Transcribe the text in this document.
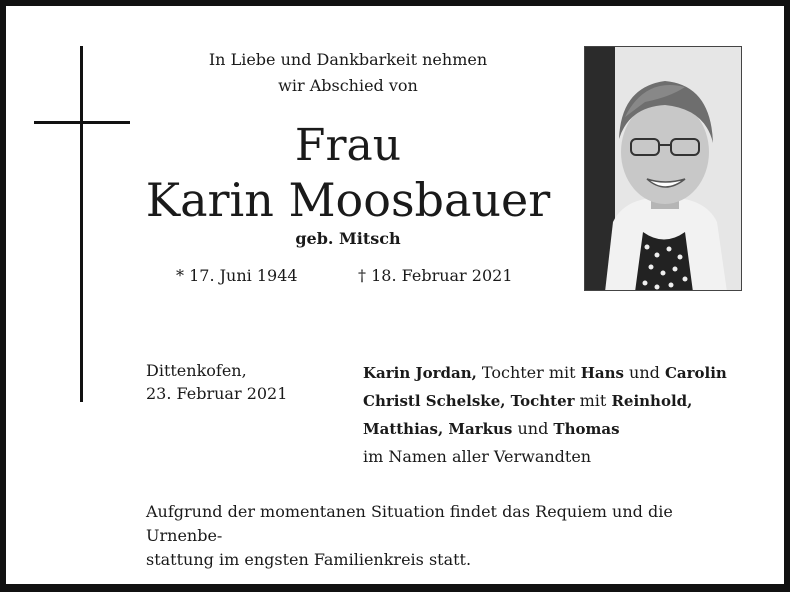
In Liebe und Dankbarkeit nehmen
wir Abschied von
Frau
Karin Moosbauer
geb. Mitsch
* 17. Juni 1944	† 18. Februar 2021
Dittenkofen,
23. Februar 2021
Karin Jordan, Tochter mit Hans und Carolin
Christl Schelske, Tochter mit Reinhold,
Matthias, Markus und Thomas
im Namen aller Verwandten
Aufgrund der momentanen Situation findet das Requiem und die Urnenbe-
stattung im engsten Familienkreis statt.
